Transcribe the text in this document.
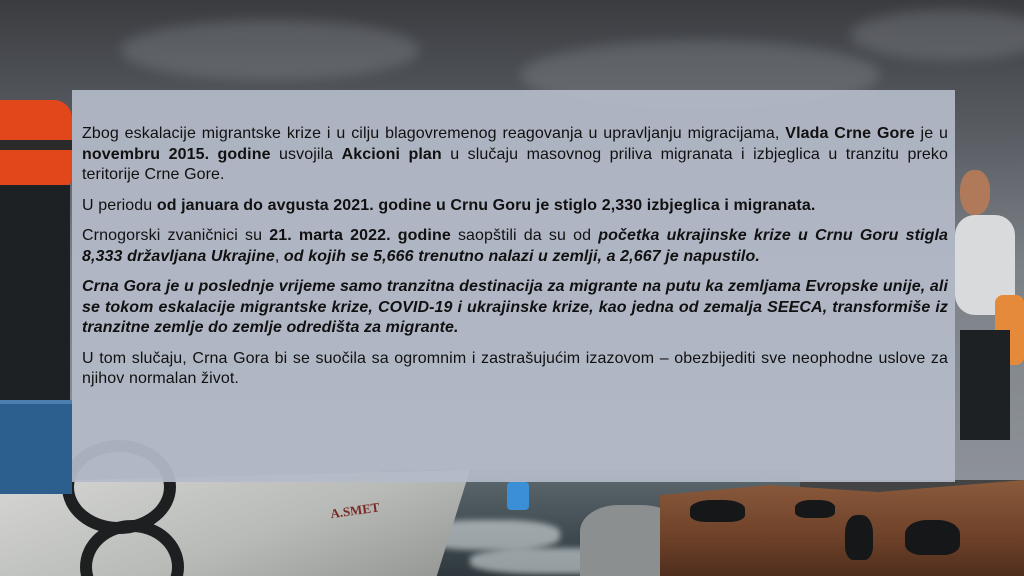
A.SMET

Zbog eskalacije migrantske krize i u cilju blagovremenog reagovanja u upravljanju migracijama, Vlada Crne Gore je u novembru 2015. godine usvojila Akcioni plan u slučaju masovnog priliva migranata i izbjeglica u tranzitu preko teritorije Crne Gore.

U periodu od januara do avgusta 2021. godine u Crnu Goru je stiglo 2,330 izbjeglica i migranata.

Crnogorski zvaničnici su 21. marta 2022. godine saopštili da su od početka ukrajinske krize u Crnu Goru stigla 8,333 državljana Ukrajine, od kojih se 5,666 trenutno nalazi u zemlji, a 2,667 je napustilo.

Crna Gora je u poslednje vrijeme samo tranzitna destinacija za migrante na putu ka zemljama Evropske unije, ali se tokom eskalacije migrantske krize, COVID-19 i ukrajinske krize, kao jedna od zemalja SEECA, transformiše iz tranzitne zemlje do zemlje odredišta za migrante.

U tom slučaju, Crna Gora bi se suočila sa ogromnim i zastrašujućim izazovom – obezbijediti sve neophodne uslove za njihov normalan život.
